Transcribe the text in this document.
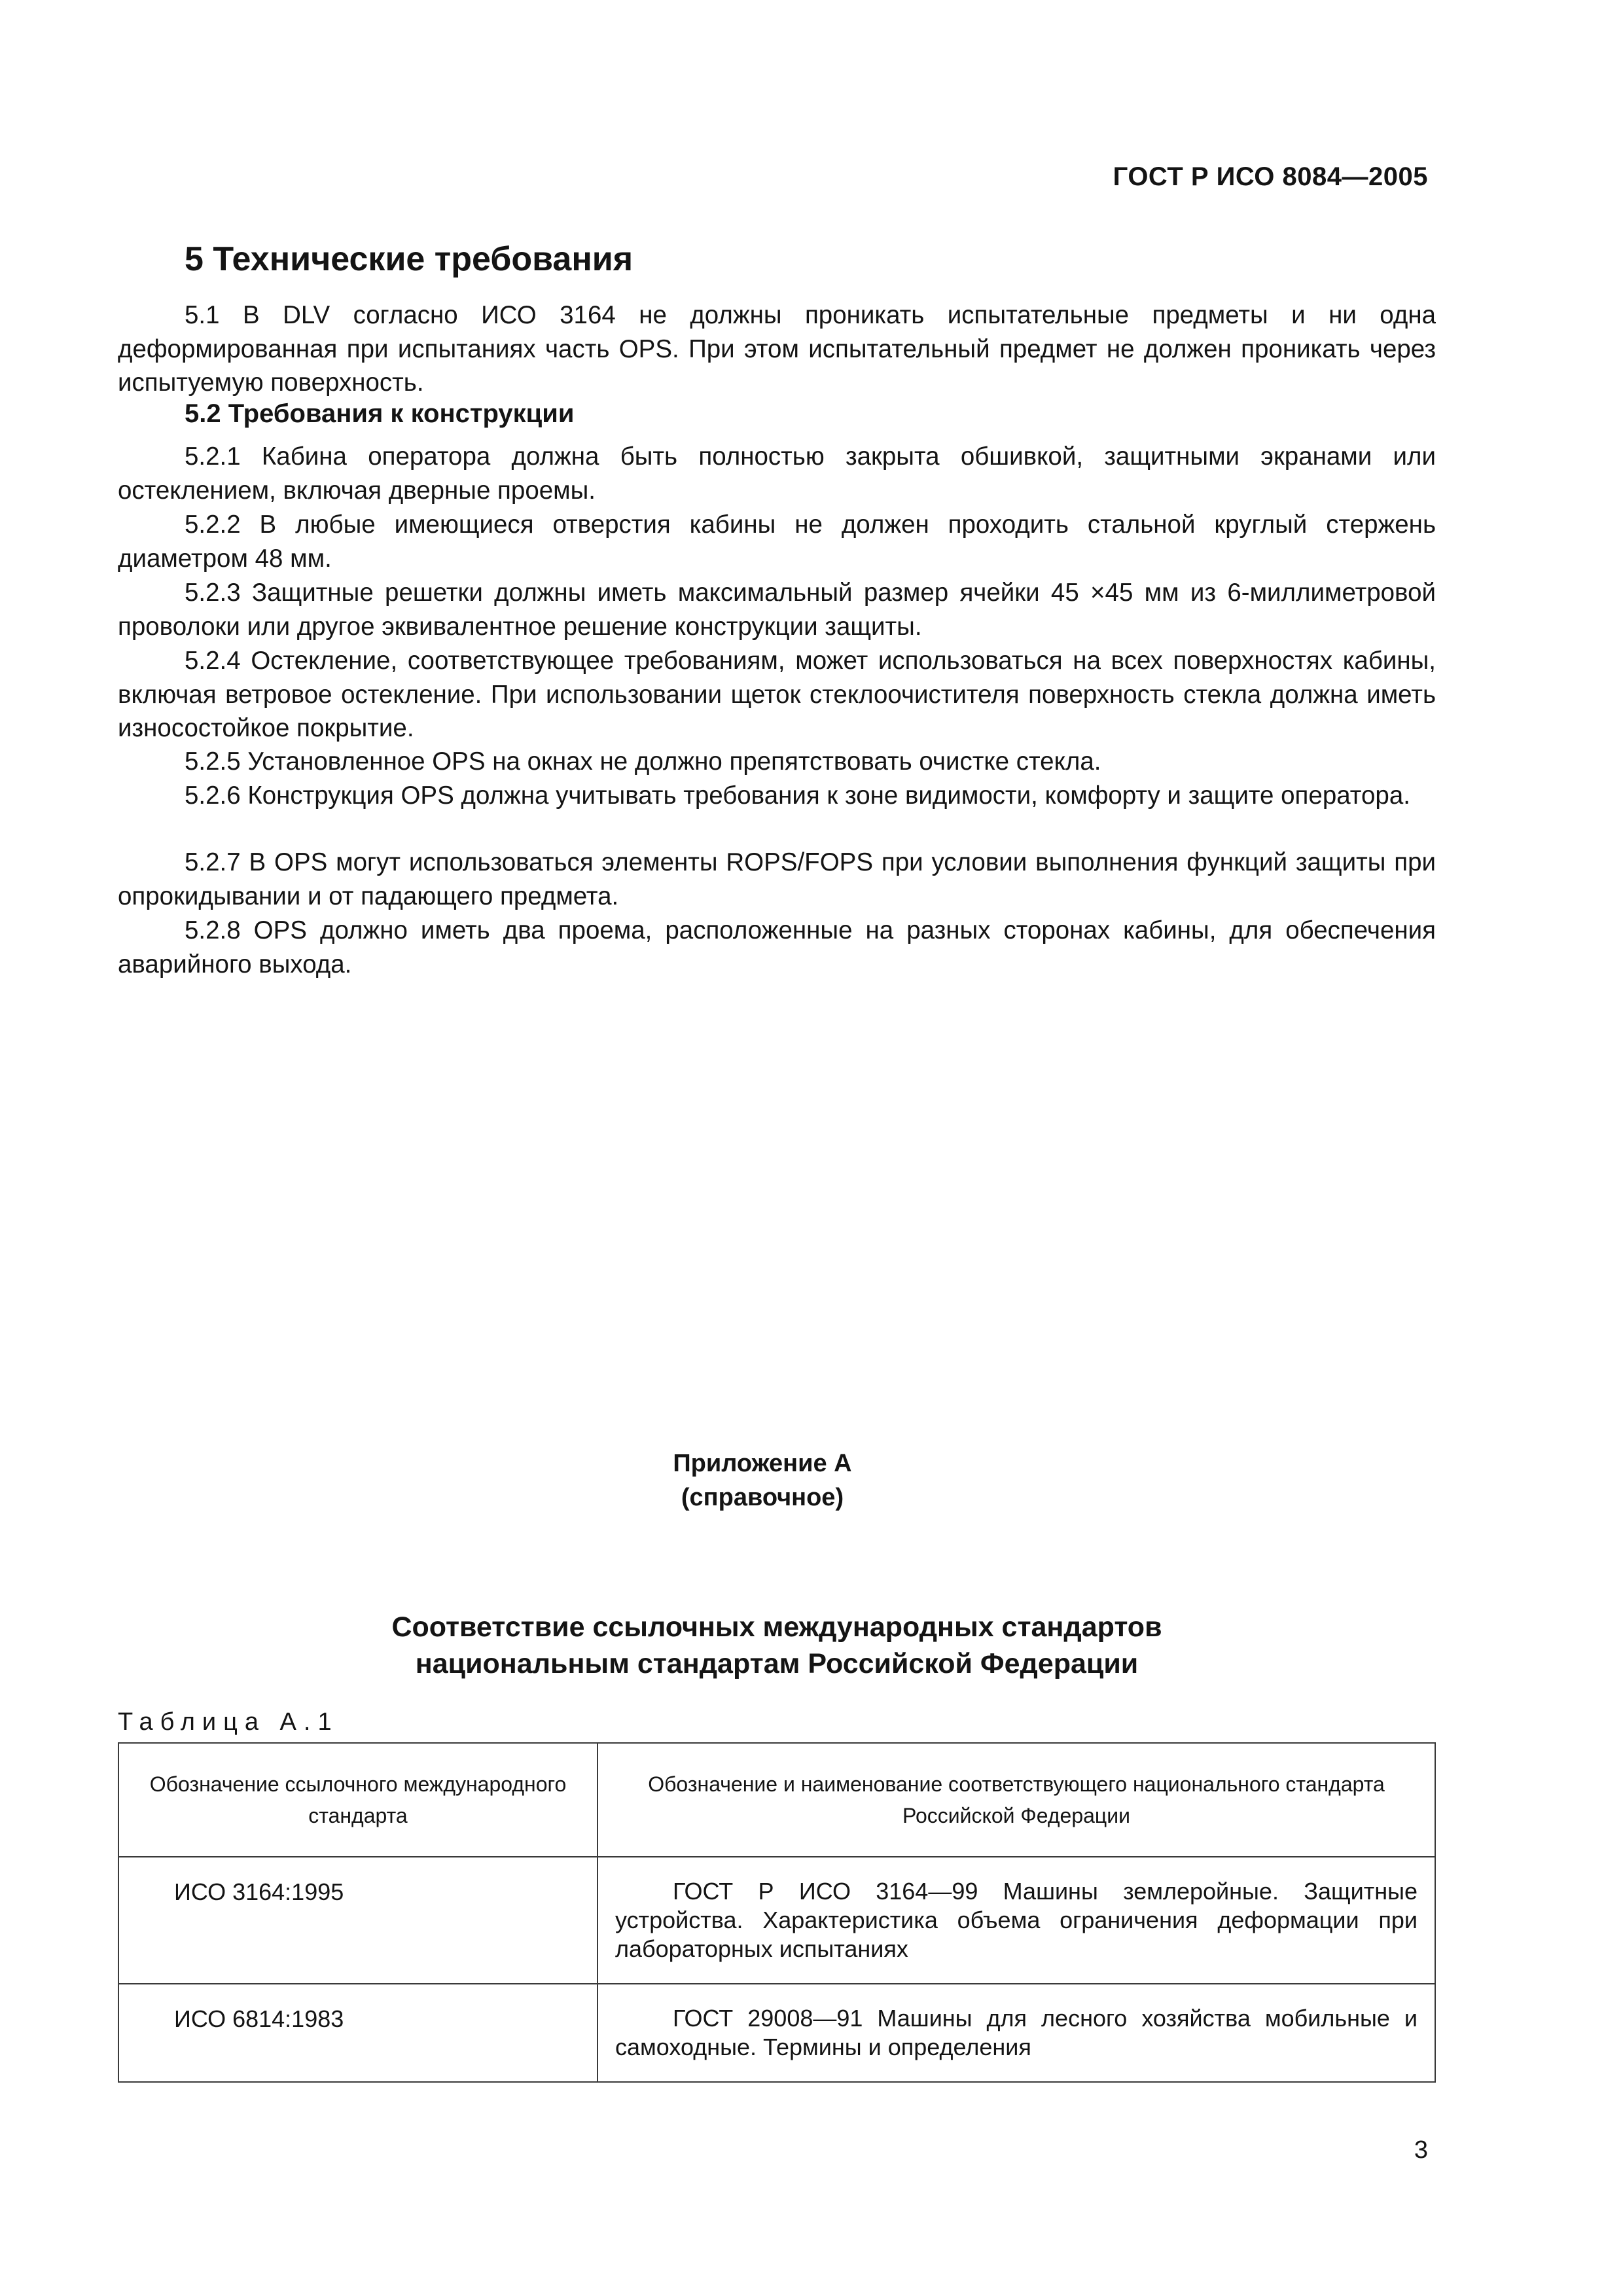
ГОСТ Р ИСО 8084—2005
5 Технические требования

5.1 В DLV согласно ИСО 3164 не должны проникать испытательные предметы и ни одна деформированная при испытаниях часть OPS. При этом испытательный предмет не должен проникать через испытуемую поверхность.

5.2 Требования к конструкции

5.2.1 Кабина оператора должна быть полностью закрыта обшивкой, защитными экранами или остеклением, включая дверные проемы.

5.2.2 В любые имеющиеся отверстия кабины не должен проходить стальной круглый стержень диаметром 48 мм.

5.2.3 Защитные решетки должны иметь максимальный размер ячейки 45 ×45 мм из 6-миллиметровой проволоки или другое эквивалентное решение конструкции защиты.

5.2.4 Остекление, соответствующее требованиям, может использоваться на всех поверхностях кабины, включая ветровое остекление. При использовании щеток стеклоочистителя поверхность стекла должна иметь износостойкое покрытие.

5.2.5 Установленное OPS на окнах не должно препятствовать очистке стекла.

5.2.6 Конструкция OPS должна учитывать требования к зоне видимости, комфорту и защите оператора.

5.2.7 В OPS могут использоваться элементы ROPS/FOPS при условии выполнения функций защиты при опрокидывании и от падающего предмета.

5.2.8 OPS должно иметь два проема, расположенные на разных сторонах кабины, для обеспечения аварийного выхода.

Приложение А
(справочное)
Соответствие ссылочных международных стандартов
национальным стандартам Российской Федерации
Таблица А.1
Обозначение ссылочного международного стандарта	Обозначение и наименование соответствующего национального стандарта Российской Федерации
ИСО 3164:1995	ГОСТ Р ИСО 3164—99 Машины землеройные. Защитные устройства. Характеристика объема ограничения деформации при лабораторных испытаниях
ИСО 6814:1983	ГОСТ 29008—91 Машины для лесного хозяйства мобильные и самоходные. Термины и определения
3
